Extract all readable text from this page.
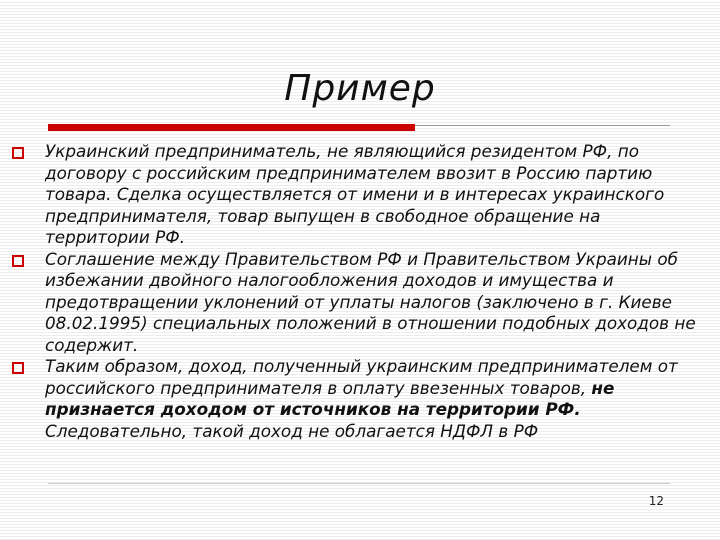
Пример
Украинский предприниматель, не являющийся резидентом РФ, по договору с российским предпринимателем ввозит в Россию партию товара. Сделка осуществляется от имени и в интересах украинского предпринимателя, товар выпущен в свободное обращение на территории РФ.
Соглашение между Правительством РФ и Правительством Украины об избежании двойного налогообложения доходов и имущества и предотвращении уклонений от уплаты налогов (заключено в г. Киеве 08.02.1995) специальных положений в отношении подобных доходов не содержит.
Таким образом, доход, полученный украинским предпринимателем от российского предпринимателя в оплату ввезенных товаров, не признается доходом от источников на территории РФ. Следовательно, такой доход не облагается НДФЛ в РФ
12
